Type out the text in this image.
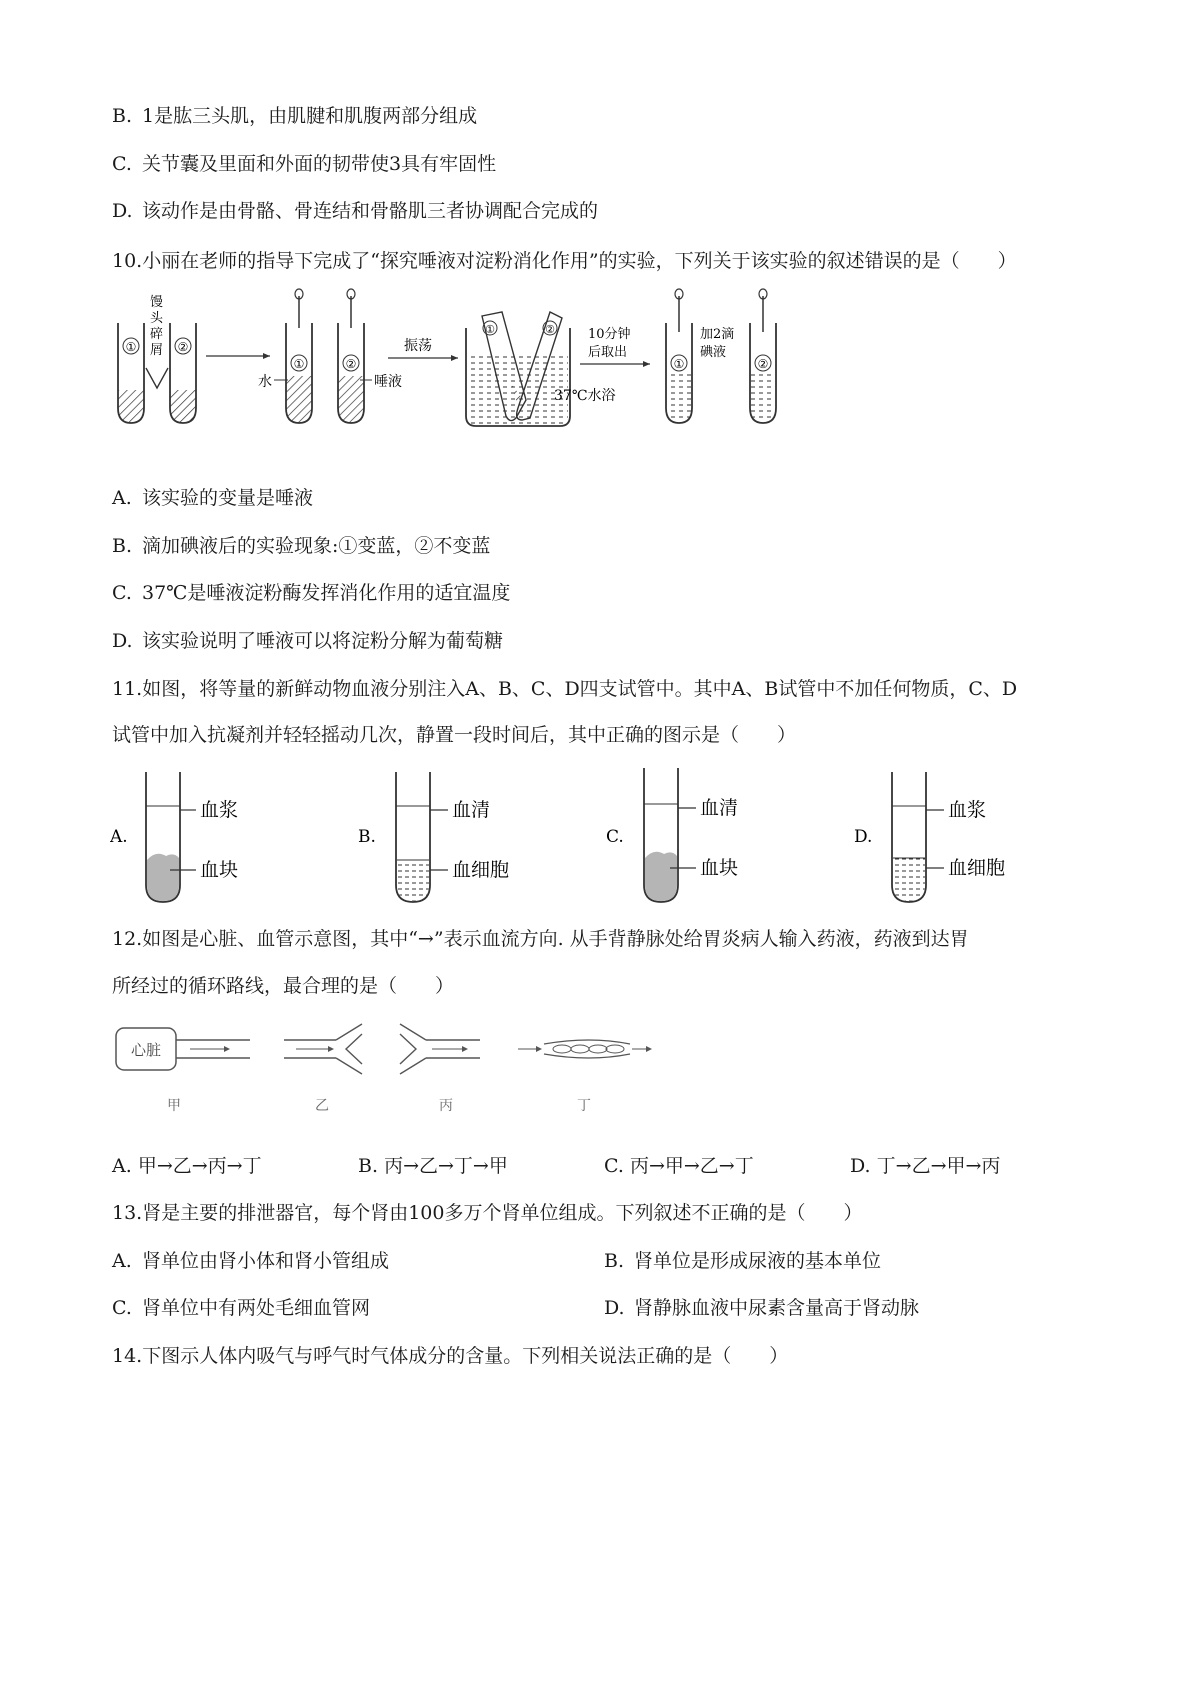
B. 1是肱三头肌，由肌腱和肌腹两部分组成
C. 关节囊及里面和外面的韧带使3具有牢固性
D. 该动作是由骨骼、骨连结和骨骼肌三者协调配合完成的
10.小丽在老师的指导下完成了“探究唾液对淀粉消化作用”的实验，下列关于该实验的叙述错误的是（　　）
①	②
馒头碎屑
①	②
水	唾液
振荡
①	②
37℃水浴
10分钟后取出
①	②
加2滴碘液
A. 该实验的变量是唾液
B. 滴加碘液后的实验现象:①变蓝，②不变蓝
C. 37℃是唾液淀粉酶发挥消化作用的适宜温度
D. 该实验说明了唾液可以将淀粉分解为葡萄糖
11.如图，将等量的新鲜动物血液分别注入A、B、C、D四支试管中。其中A、B试管中不加任何物质，C、D
试管中加入抗凝剂并轻轻摇动几次，静置一段时间后，其中正确的图示是（　　）
A.
血浆
血块
B.
血清
血细胞
C.
血清
血块
D.
血浆
血细胞
12.如图是心脏、血管示意图，其中“→”表示血流方向. 从手背静脉处给胃炎病人输入药液，药液到达胃
所经过的循环路线，最合理的是（　　）
心脏
甲	乙	丙	丁
A. 甲→乙→丙→丁	B. 丙→乙→丁→甲	C. 丙→甲→乙→丁	D. 丁→乙→甲→丙
13.肾是主要的排泄器官，每个肾由100多万个肾单位组成。下列叙述不正确的是（　　）
A. 肾单位由肾小体和肾小管组成	B. 肾单位是形成尿液的基本单位
C. 肾单位中有两处毛细血管网	D. 肾静脉血液中尿素含量高于肾动脉
14.下图示人体内吸气与呼气时气体成分的含量。下列相关说法正确的是（　　）
